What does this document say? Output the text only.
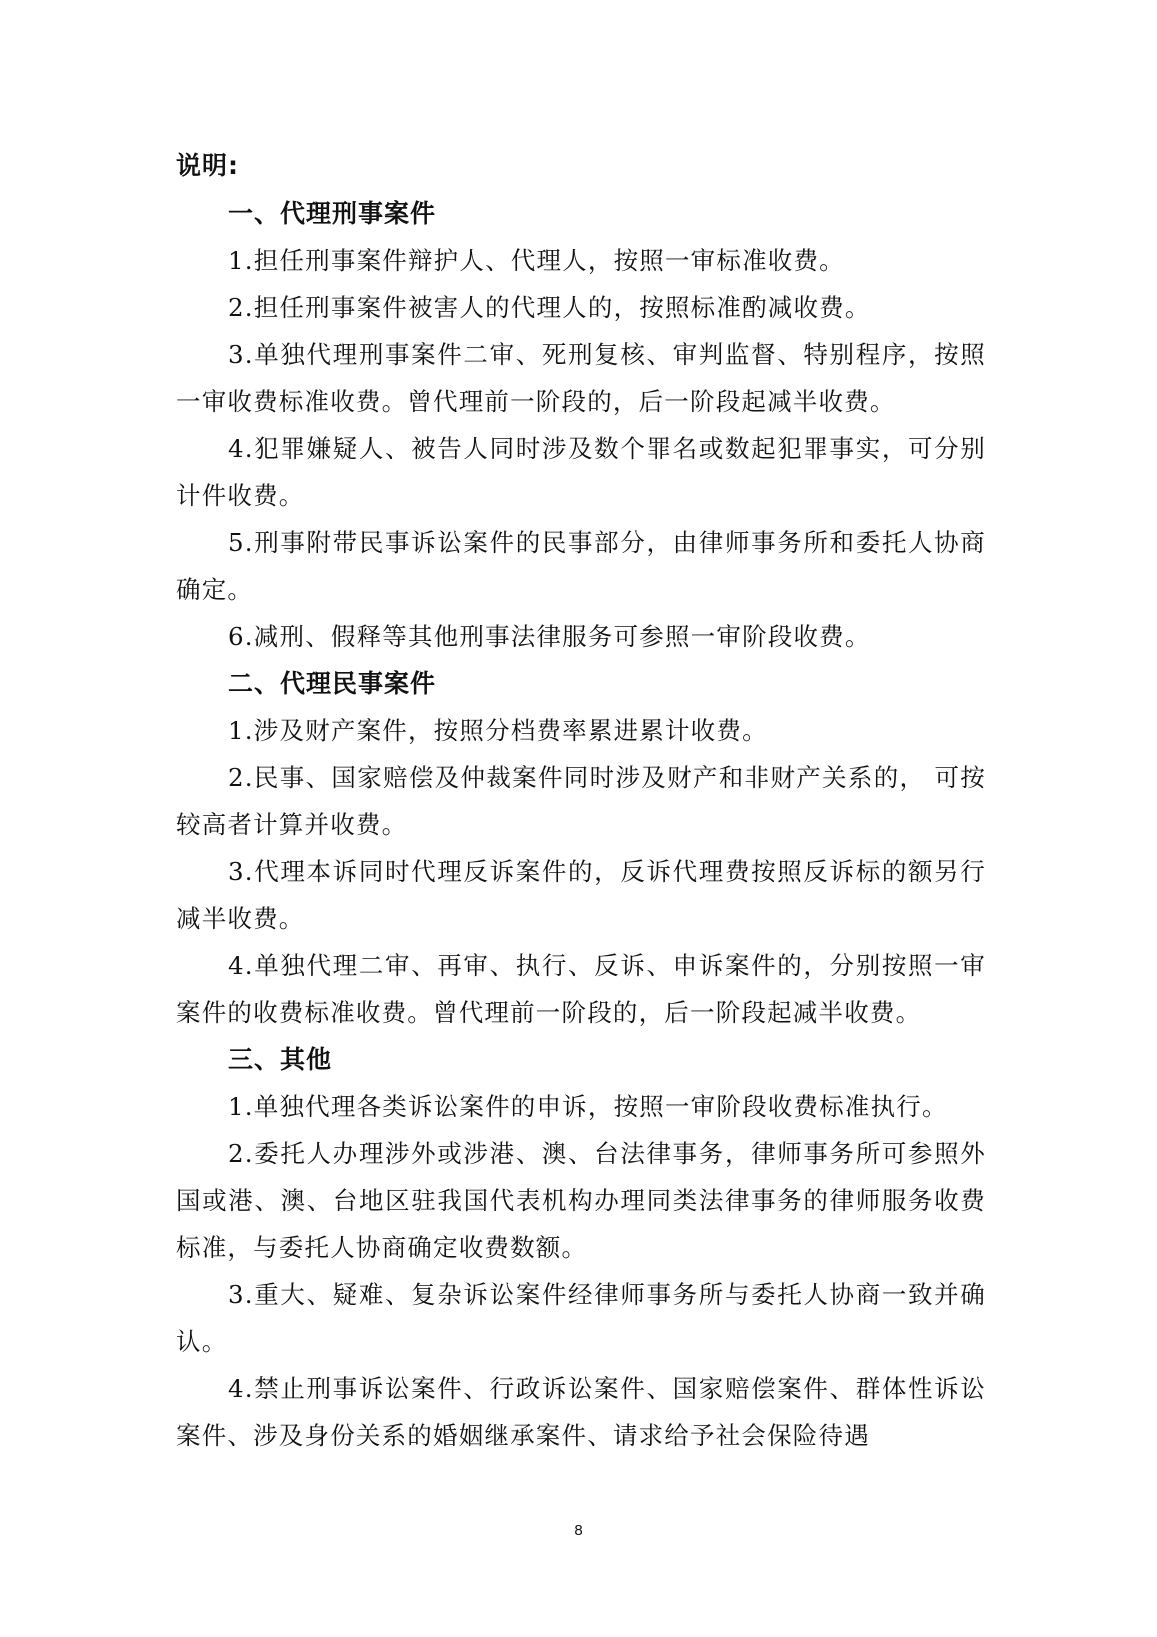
说明:

一、代理刑事案件

1.担任刑事案件辩护人、代理人，按照一审标准收费。

2.担任刑事案件被害人的代理人的，按照标准酌减收费。

3.单独代理刑事案件二审、死刑复核、审判监督、特别程序，按照一审收费标准收费。曾代理前一阶段的，后一阶段起减半收费。

4.犯罪嫌疑人、被告人同时涉及数个罪名或数起犯罪事实，可分别计件收费。

5.刑事附带民事诉讼案件的民事部分，由律师事务所和委托人协商确定。

6.减刑、假释等其他刑事法律服务可参照一审阶段收费。

二、代理民事案件

1.涉及财产案件，按照分档费率累进累计收费。

2.民事、国家赔偿及仲裁案件同时涉及财产和非财产关系的， 可按较高者计算并收费。

3.代理本诉同时代理反诉案件的，反诉代理费按照反诉标的额另行减半收费。

4.单独代理二审、再审、执行、反诉、申诉案件的，分别按照一审案件的收费标准收费。曾代理前一阶段的，后一阶段起减半收费。

三、其他

1.单独代理各类诉讼案件的申诉，按照一审阶段收费标准执行。

2.委托人办理涉外或涉港、澳、台法律事务，律师事务所可参照外国或港、澳、台地区驻我国代表机构办理同类法律事务的律师服务收费标准，与委托人协商确定收费数额。

3.重大、疑难、复杂诉讼案件经律师事务所与委托人协商一致并确认。

4.禁止刑事诉讼案件、行政诉讼案件、国家赔偿案件、群体性诉讼案件、涉及身份关系的婚姻继承案件、请求给予社会保险待遇

8
